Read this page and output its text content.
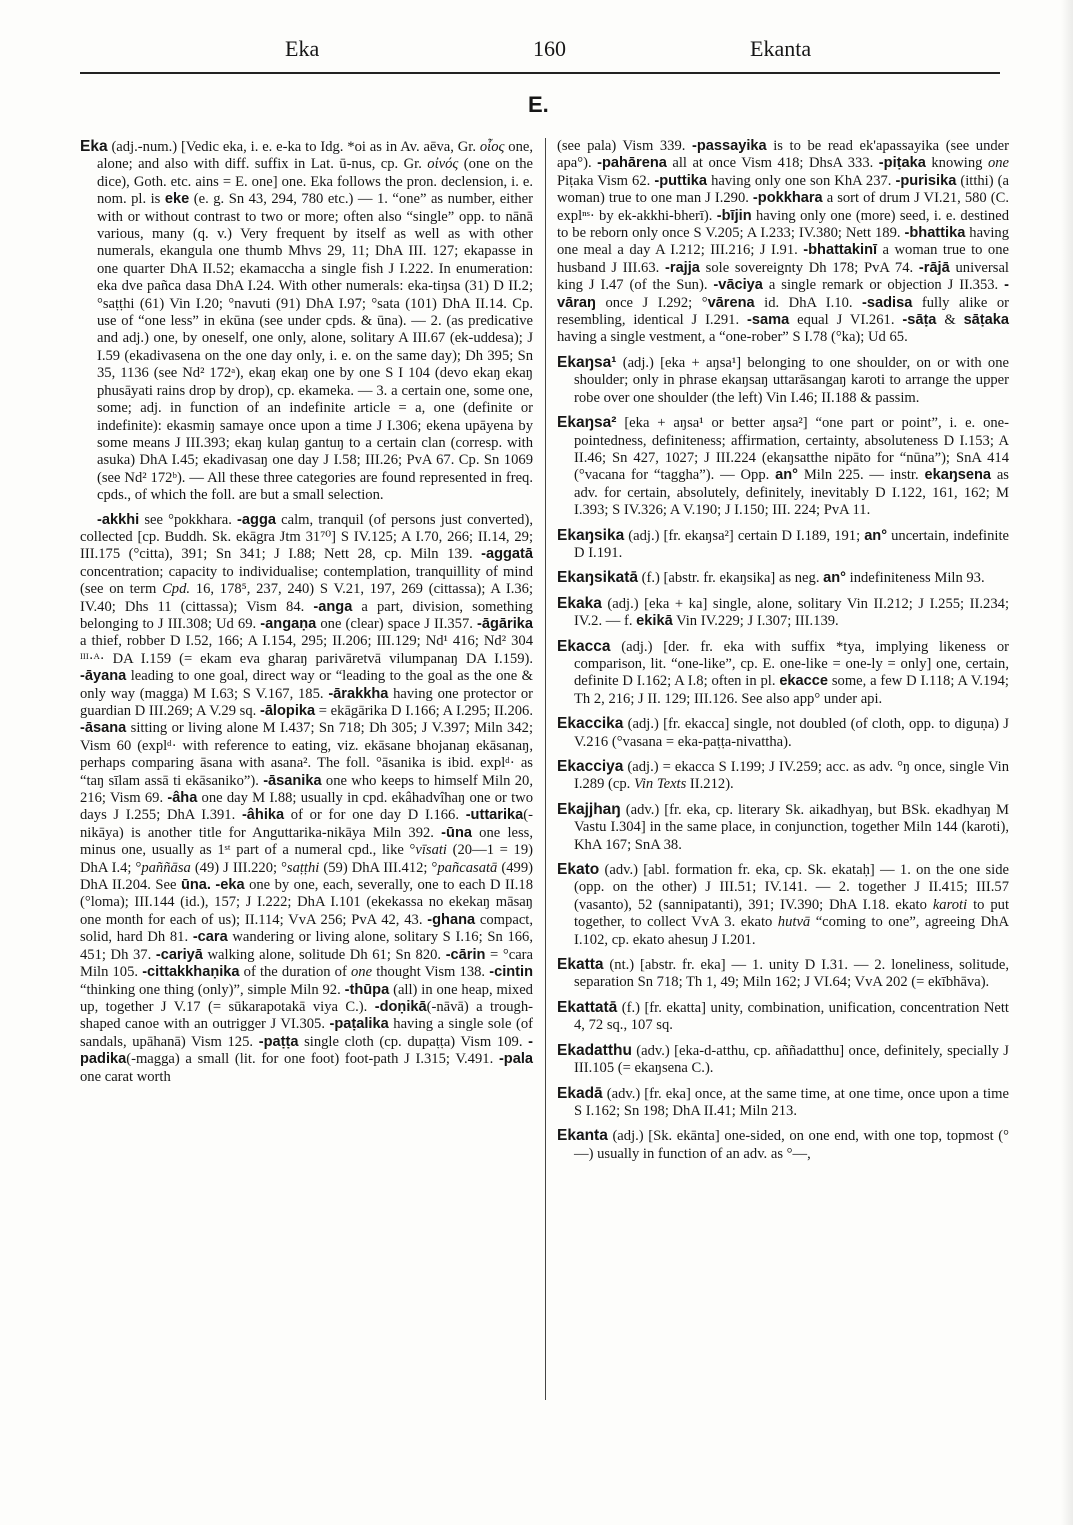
Eka	160	Ekanta
E.

Eka (adj.-num.) [Vedic eka, i. e. e-ka to Idg. *oi as in Av. aēva, Gr. οἶος one, alone; and also with diff. suffix in Lat. ū-nus, cp. Gr. οἰνός (one on the dice), Goth. etc. ains = E. one] one. Eka follows the pron. declension, i. e. nom. pl. is eke (e. g. Sn 43, 294, 780 etc.) — 1. “one” as number, either with or without contrast to two or more; often also “single” opp. to nānā various, many (q. v.) Very frequent by itself as well as with other numerals, ekangula one thumb Mhvs 29, 11; DhA III. 127; ekapasse in one quarter DhA II.52; ekamaccha a single fish J I.222. In enumeration: eka dve pañca dasa DhA I.24. With other numerals: eka-tiŋsa (31) D II.2; °saṭṭhi (61) Vin I.20; °navuti (91) DhA I.97; °sata (101) DhA II.14. Cp. use of “one less” in ekūna (see under cpds. & ūna). — 2. (as predicative and adj.) one, by oneself, one only, alone, solitary A III.67 (ek-uddesa); J I.59 (ekadivasena on the one day only, i. e. on the same day); Dh 395; Sn 35, 1136 (see Nd² 172ᵃ), ekaŋ ekaŋ one by one S I 104 (devo ekaŋ ekaŋ phusāyati rains drop by drop), cp. ekameka. — 3. a certain one, some one, some; adj. in function of an indefinite article = a, one (definite or indefinite): ekasmiŋ samaye once upon a time J I.306; ekena upāyena by some means J III.393; ekaŋ kulaŋ gantuŋ to a certain clan (corresp. with asuka) DhA I.45; ekadivasaŋ one day J I.58; III.26; PvA 67. Cp. Sn 1069 (see Nd² 172ᵇ). — All these three categories are found represented in freq. cpds., of which the foll. are but a small selection.

-akkhi see °pokkhara. -agga calm, tranquil (of persons just converted), collected [cp. Buddh. Sk. ekāgra Jtm 31⁷⁰] S IV.125; A I.70, 266; II.14, 29; III.175 (°citta), 391; Sn 341; J I.88; Nett 28, cp. Miln 139. -aggatā concentration; capacity to individualise; contemplation, tranquillity of mind (see on term Cpd. 16, 178⁵, 237, 240) S V.21, 197, 269 (cittassa); A I.36; IV.40; Dhs 11 (cittassa); Vism 84. -anga a part, division, something belonging to J III.308; Ud 69. -angaṇa one (clear) space J II.357. -āgārika a thief, robber D I.52, 166; A I.154, 295; II.206; III.129; Nd¹ 416; Nd² 304 ᴵᴵᴵ·ᴬ· DA I.159 (= ekam eva gharaŋ parivāretvā vilumpanaŋ DA I.159). -āyana leading to one goal, direct way or “leading to the goal as the one & only way (magga) M I.63; S V.167, 185. -ārakkha having one protector or guardian D III.269; A V.29 sq. -ālopika = ekāgārika D I.166; A I.295; II.206. -āsana sitting or living alone M I.437; Sn 718; Dh 305; J V.397; Miln 342; Vism 60 (explᵈ· with reference to eating, viz. ekāsane bhojanaŋ ekāsanaŋ, perhaps comparing āsana with asana². The foll. °āsanika is ibid. explᵈ· as “taŋ sīlam assā ti ekāsaniko”). -āsanika one who keeps to himself Miln 20, 216; Vism 69. -âha one day M I.88; usually in cpd. ekâhadvîhaŋ one or two days J I.255; DhA I.391. -âhika of or for one day D I.166. -uttarika(-nikāya) is another title for Anguttarika-nikāya Miln 392. -ūna one less, minus one, usually as 1ˢᵗ part of a numeral cpd., like °vīsati (20—1 = 19) DhA I.4; °paññāsa (49) J III.220; °saṭṭhi (59) DhA III.412; °pañcasatā (499) DhA II.204. See ūna. -eka one by one, each, severally, one to each D II.18 (°loma); III.144 (id.), 157; J I.222; DhA I.101 (ekekassa no ekekaŋ māsaŋ one month for each of us); II.114; VvA 256; PvA 42, 43. -ghana compact, solid, hard Dh 81. -cara wandering or living alone, solitary S I.16; Sn 166, 451; Dh 37. -cariyā walking alone, solitude Dh 61; Sn 820. -cārin = °cara Miln 105. -cittakkhaṇika of the duration of one thought Vism 138. -cintin “thinking one thing (only)”, simple Miln 92. -thūpa (all) in one heap, mixed up, together J V.17 (= sūkarapotakā viya C.). -doṇikā(-nāvā) a trough-shaped canoe with an outrigger J VI.305. -paṭalika having a single sole (of sandals, upāhanā) Vism 125. -paṭṭa single cloth (cp. dupaṭṭa) Vism 109. -padika(-magga) a small (lit. for one foot) foot-path J I.315; V.491. -pala one carat worth

(see pala) Vism 339. -passayika is to be read ek'apassayika (see under apa°). -pahārena all at once Vism 418; DhsA 333. -piṭaka knowing one Piṭaka Vism 62. -puttika having only one son KhA 237. -purisika (itthi) (a woman) true to one man J I.290. -pokkhara a sort of drum J VI.21, 580 (C. explⁿˢ· by ek-akkhi-bherī). -bījin having only one (more) seed, i. e. destined to be reborn only once S V.205; A I.233; IV.380; Nett 189. -bhattika having one meal a day A I.212; III.216; J I.91. -bhattakinī a woman true to one husband J III.63. -rajja sole sovereignty Dh 178; PvA 74. -rājā universal king J I.47 (of the Sun). -vāciya a single remark or objection J II.353. -vāraŋ once J I.292; °vārena id. DhA I.10. -sadisa fully alike or resembling, identical J I.291. -sama equal J VI.261. -sāṭa & sāṭaka having a single vestment, a “one-rober” S I.78 (°ka); Ud 65.

Ekaŋsa¹ (adj.) [eka + aŋsa¹] belonging to one shoulder, on or with one shoulder; only in phrase ekaŋsaŋ uttarāsangaŋ karoti to arrange the upper robe over one shoulder (the left) Vin I.46; II.188 & passim.

Ekaŋsa² [eka + aŋsa¹ or better aŋsa²] “one part or point”, i. e. one-pointedness, definiteness; affirmation, certainty, absoluteness D I.153; A II.46; Sn 427, 1027; J III.224 (ekaŋsatthe nipāto for “nūna”); SnA 414 (°vacana for “taggha”). — Opp. an° Miln 225. — instr. ekaŋsena as adv. for certain, absolutely, definitely, inevitably D I.122, 161, 162; M I.393; S IV.326; A V.190; J I.150; III. 224; PvA 11.

Ekaŋsika (adj.) [fr. ekaŋsa²] certain D I.189, 191; an° uncertain, indefinite D I.191.

Ekaŋsikatā (f.) [abstr. fr. ekaŋsika] as neg. an° indefiniteness Miln 93.

Ekaka (adj.) [eka + ka] single, alone, solitary Vin II.212; J I.255; II.234; IV.2. — f. ekikā Vin IV.229; J I.307; III.139.

Ekacca (adj.) [der. fr. eka with suffix *tya, implying likeness or comparison, lit. “one-like”, cp. E. one-like = one-ly = only] one, certain, definite D I.162; A I.8; often in pl. ekacce some, a few D I.118; A V.194; Th 2, 216; J II. 129; III.126. See also app° under api.

Ekaccika (adj.) [fr. ekacca] single, not doubled (of cloth, opp. to diguṇa) J V.216 (°vasana = eka-paṭṭa-nivattha).

Ekacciya (adj.) = ekacca S I.199; J IV.259; acc. as adv. °ŋ once, single Vin I.289 (cp. Vin Texts II.212).

Ekajjhaŋ (adv.) [fr. eka, cp. literary Sk. aikadhyaŋ, but BSk. ekadhyaŋ M Vastu I.304] in the same place, in conjunction, together Miln 144 (karoti), KhA 167; SnA 38.

Ekato (adv.) [abl. formation fr. eka, cp. Sk. ekataḥ] — 1. on the one side (opp. on the other) J III.51; IV.141. — 2. together J II.415; III.57 (vasanto), 52 (sannipatanti), 391; IV.390; DhA I.18. ekato karoti to put together, to collect VvA 3. ekato hutvā “coming to one”, agreeing DhA I.102, cp. ekato ahesuŋ J I.201.

Ekatta (nt.) [abstr. fr. eka] — 1. unity D I.31. — 2. loneliness, solitude, separation Sn 718; Th 1, 49; Miln 162; J VI.64; VvA 202 (= ekībhāva).

Ekattatā (f.) [fr. ekatta] unity, combination, unification, concentration Nett 4, 72 sq., 107 sq.

Ekadatthu (adv.) [eka-d-atthu, cp. aññadatthu] once, definitely, specially J III.105 (= ekaŋsena C.).

Ekadā (adv.) [fr. eka] once, at the same time, at one time, once upon a time S I.162; Sn 198; DhA II.41; Miln 213.

Ekanta (adj.) [Sk. ekānta] one-sided, on one end, with one top, topmost (°—) usually in function of an adv. as °—,
